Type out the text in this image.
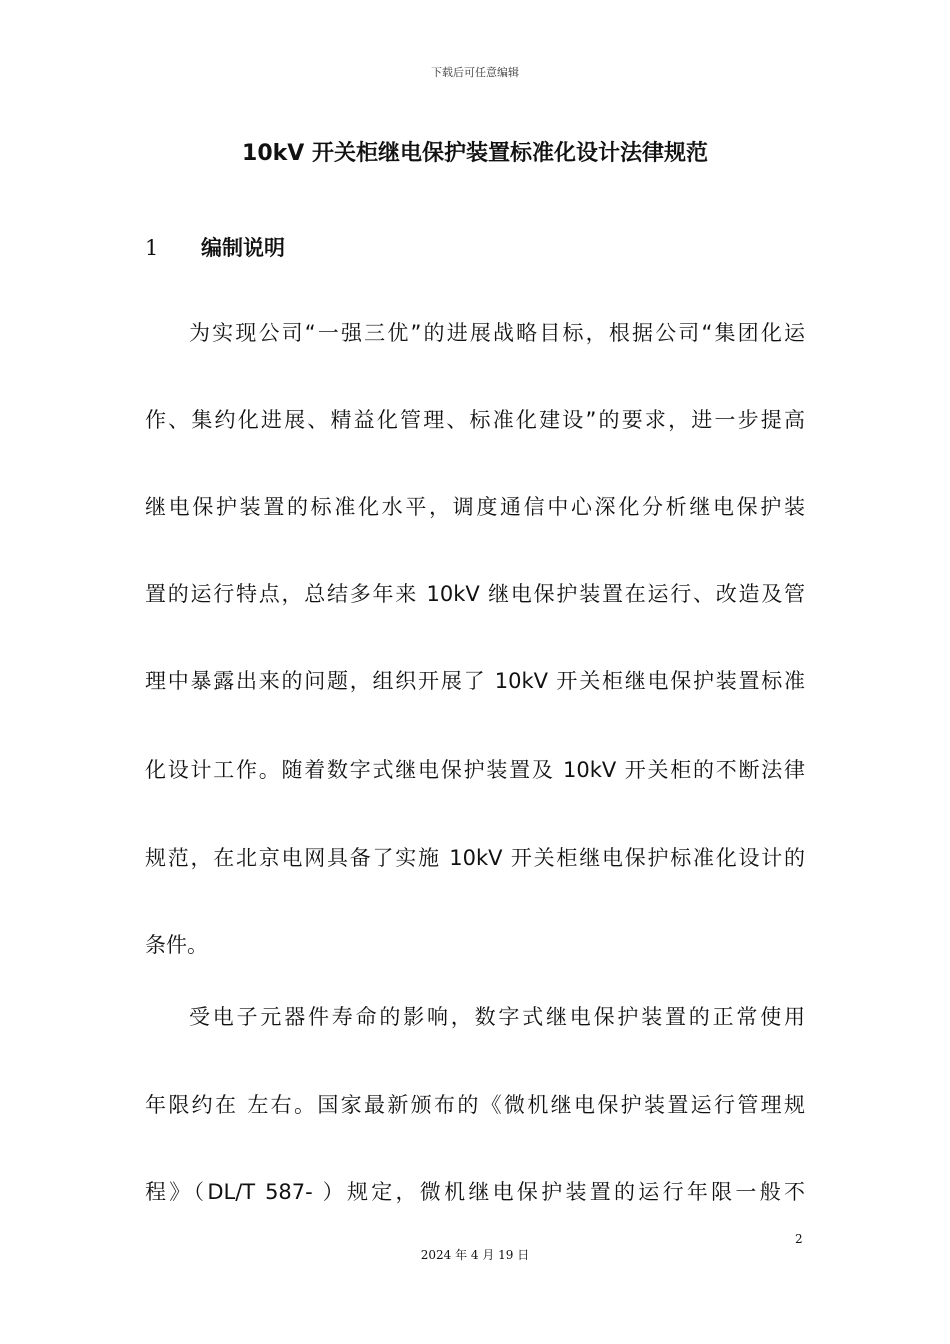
下载后可任意编辑
10kV 开关柜继电保护装置标准化设计法律规范
1 编制说明
为实现公司“一强三优”的进展战略目标，根据公司“集团化运
作、集约化进展、精益化管理、标准化建设”的要求，进一步提高
继电保护装置的标准化水平，调度通信中心深化分析继电保护装
置的运行特点，总结多年来 10kV 继电保护装置在运行、改造及管
理中暴露出来的问题，组织开展了 10kV 开关柜继电保护装置标准
化设计工作。随着数字式继电保护装置及 10kV 开关柜的不断法律
规范，在北京电网具备了实施 10kV 开关柜继电保护标准化设计的
条件。
受电子元器件寿命的影响，数字式继电保护装置的正常使用
年限约在 左右。国家最新颁布的《微机继电保护装置运行管理规
程》（DL/T 587- ）规定，微机继电保护装置的运行年限一般不
2
2024 年 4 月 19 日
